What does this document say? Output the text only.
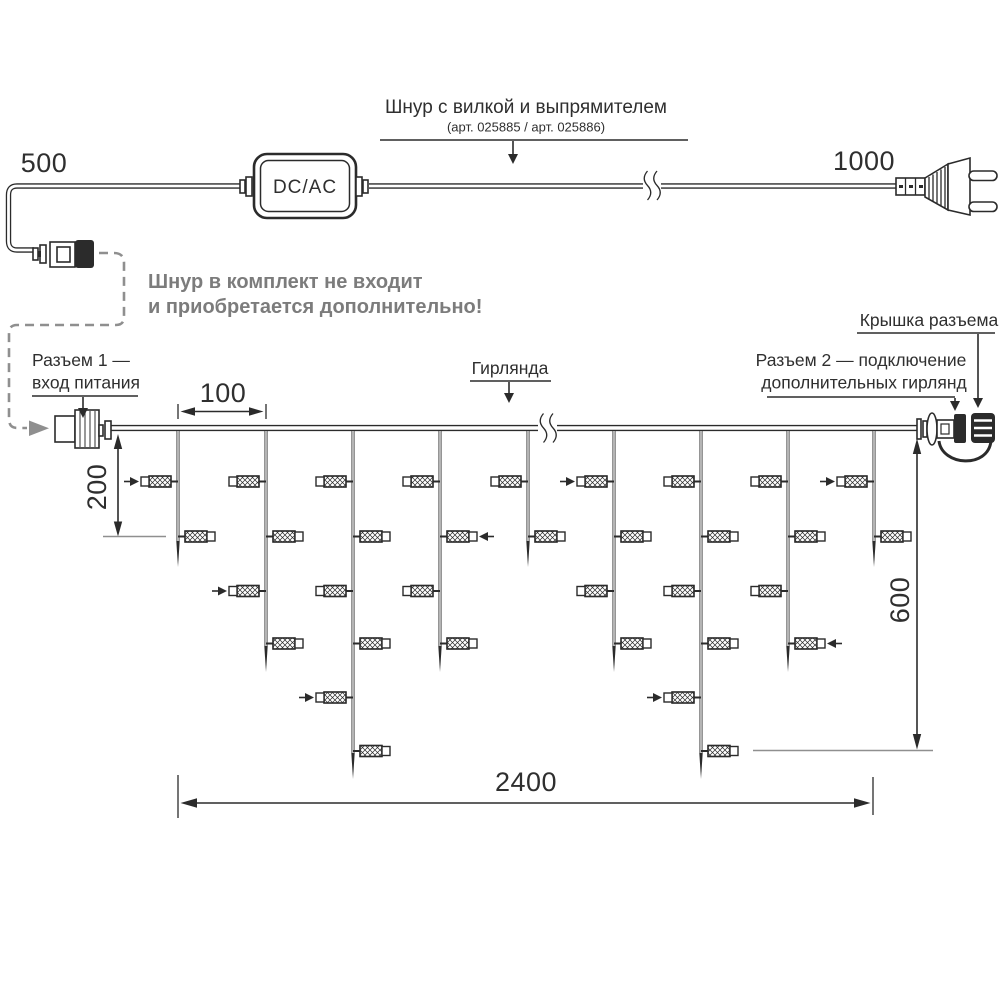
DC/AC
500	1000
Шнур с вилкой и выпрямителем
(арт. 025885 / арт. 025886)
Шнур в комплект не входит
и приобретается дополнительно!
100
200
600
2400
Разъем 1 —
вход питания
Гирлянда	Разъем 2 — подключение
дополнительных гирлянд
Крышка разъема
